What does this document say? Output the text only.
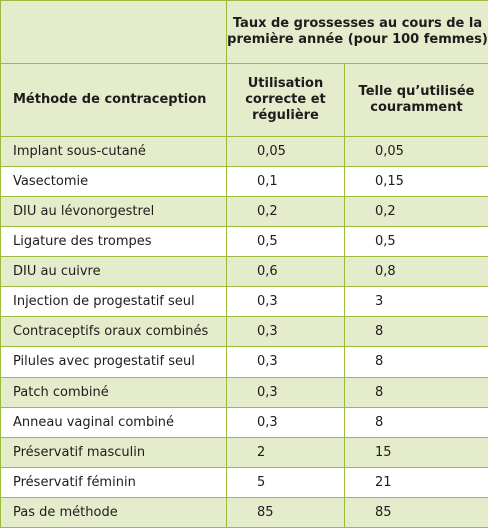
	Taux de grossesses au cours de la première année (pour 100 femmes)	
Méthode de contraception	Utilisation correcte et régulière	Telle qu’utilisée couramment
Implant sous-cutané	0,05	0,05
Vasectomie	0,1	0,15
DIU au lévonorgestrel	0,2	0,2
Ligature des trompes	0,5	0,5
DIU au cuivre	0,6	0,8
Injection de progestatif seul	0,3	3
Contraceptifs oraux combinés	0,3	8
Pilules avec progestatif seul	0,3	8
Patch combiné	0,3	8
Anneau vaginal combiné	0,3	8
Préservatif masculin	2	15
Préservatif féminin	5	21
Pas de méthode	85	85
